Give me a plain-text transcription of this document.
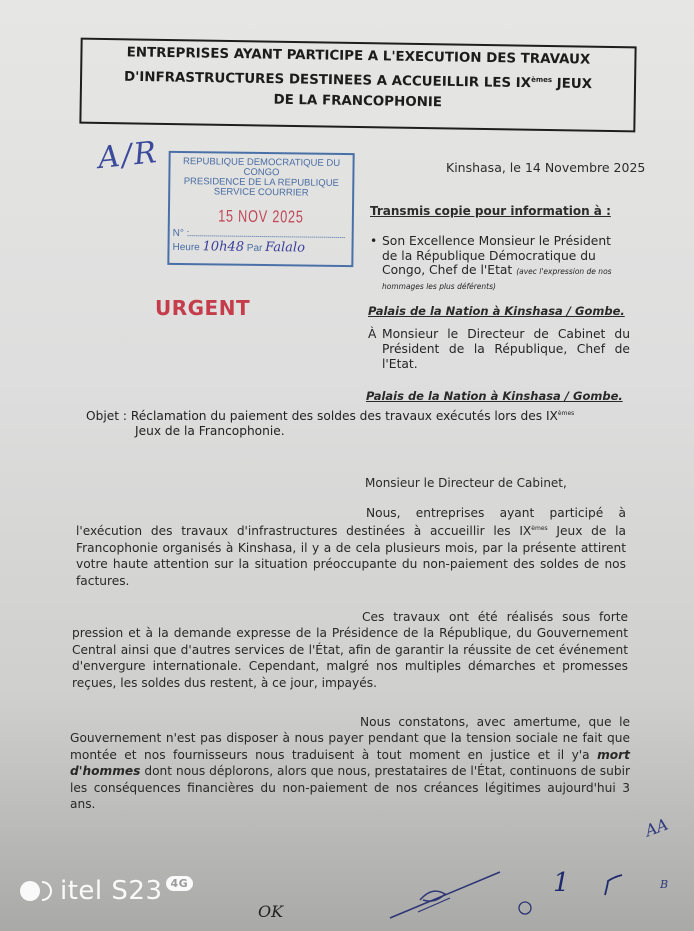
ENTREPRISES AYANT PARTICIPE A L'EXECUTION DES TRAVAUX
D'INFRASTRUCTURES DESTINEES A ACCUEILLIR LES IXèmes JEUX
DE LA FRANCOPHONIE
A/R	REPUBLIQUE DEMOCRATIQUE DU CONGO
PRESIDENCE DE LA REPUBLIQUE
SERVICE COURRIER
15 NOV 2025
N° :
Heure 10h48 Par Falalo
Kinshasa, le 14 Novembre 2025
Transmis copie pour information à :
• Son Excellence Monsieur le Président de la République Démocratique du Congo, Chef de l'Etat (avec l'expression de nos hommages les plus déférents)
Palais de la Nation à Kinshasa / Gombe.
URGENT
À Monsieur le Directeur de Cabinet du Président de la République, Chef de l'Etat.
Palais de la Nation à Kinshasa / Gombe.
Objet : Réclamation du paiement des soldes des travaux exécutés lors des IXèmes
Jeux de la Francophonie.
Monsieur le Directeur de Cabinet,
Nous, entreprises ayant participé à l'exécution des travaux d'infrastructures destinées à accueillir les IXèmes Jeux de la Francophonie organisés à Kinshasa, il y a de cela plusieurs mois, par la présente attirent votre haute attention sur la situation préoccupante du non-paiement des soldes de nos factures.
Ces travaux ont été réalisés sous forte pression et à la demande expresse de la Présidence de la République, du Gouvernement Central ainsi que d'autres services de l'État, afin de garantir la réussite de cet événement d'envergure internationale. Cependant, malgré nos multiples démarches et promesses reçues, les soldes dus restent, à ce jour, impayés.
Nous constatons, avec amertume, que le Gouvernement n'est pas disposer à nous payer pendant que la tension sociale ne fait que montée et nos fournisseurs nous traduisent à tout moment en justice et il y'a mort d'hommes dont nous déplorons, alors que nous, prestataires de l'État, continuons de subir les conséquences financières du non-paiement de nos créances légitimes aujourd'hui 3 ans.
AA
OK
1	B
itel S23 4G
